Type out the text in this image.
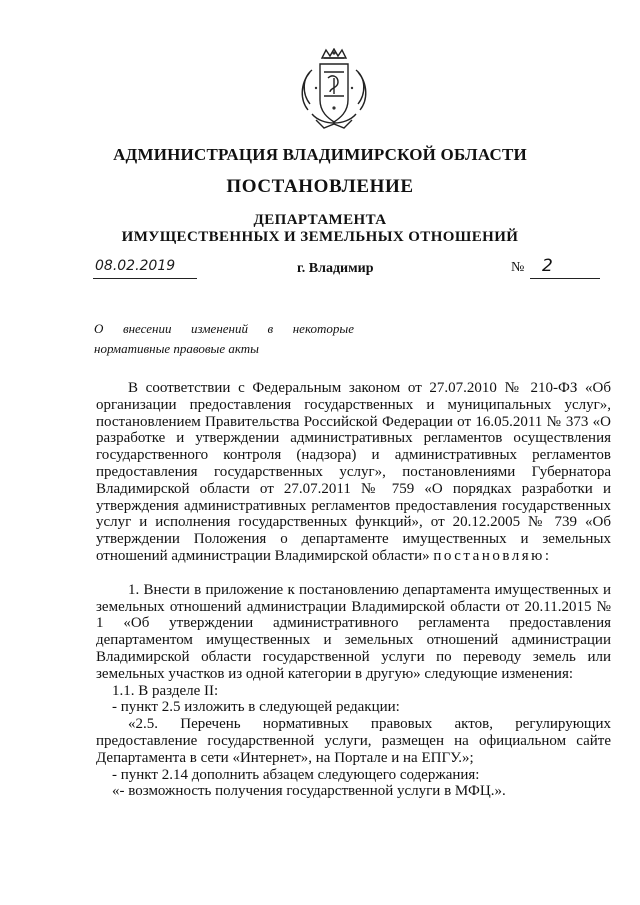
АДМИНИСТРАЦИЯ ВЛАДИМИРСКОЙ ОБЛАСТИ
ПОСТАНОВЛЕНИЕ
ДЕПАРТАМЕНТА
ИМУЩЕСТВЕННЫХ И ЗЕМЕЛЬНЫХ ОТНОШЕНИЙ
08.02.2019	г. Владимир	№	2
О внесении изменений в некоторые
нормативные правовые акты

В соответствии с Федеральным законом от 27.07.2010 № 210-ФЗ «Об организации предоставления государственных и муниципальных услуг», постановлением Правительства Российской Федерации от 16.05.2011 № 373 «О разработке и утверждении административных регламентов осуществления государственного контроля (надзора) и административных регламентов предоставления государственных услуг», постановлениями Губернатора Владимирской области от 27.07.2011 № 759 «О порядках разработки и утверждения административных регламентов предоставления государственных услуг и исполнения государственных функций», от 20.12.2005 № 739 «Об утверждении Положения о департаменте имущественных и земельных отношений администрации Владимирской области» постановляю:

1. Внести в приложение к постановлению департамента имущественных и земельных отношений администрации Владимирской области от 20.11.2015 № 1 «Об утверждении административного регламента предоставления департаментом имущественных и земельных отношений администрации Владимирской области государственной услуги по переводу земель или земельных участков из одной категории в другую» следующие изменения:

1.1. В разделе II:

- пункт 2.5 изложить в следующей редакции:

«2.5. Перечень нормативных правовых актов, регулирующих предоставление государственной услуги, размещен на официальном сайте Департамента в сети «Интернет», на Портале и на ЕПГУ.»;

- пункт 2.14 дополнить абзацем следующего содержания:

«- возможность получения государственной услуги в МФЦ.».
